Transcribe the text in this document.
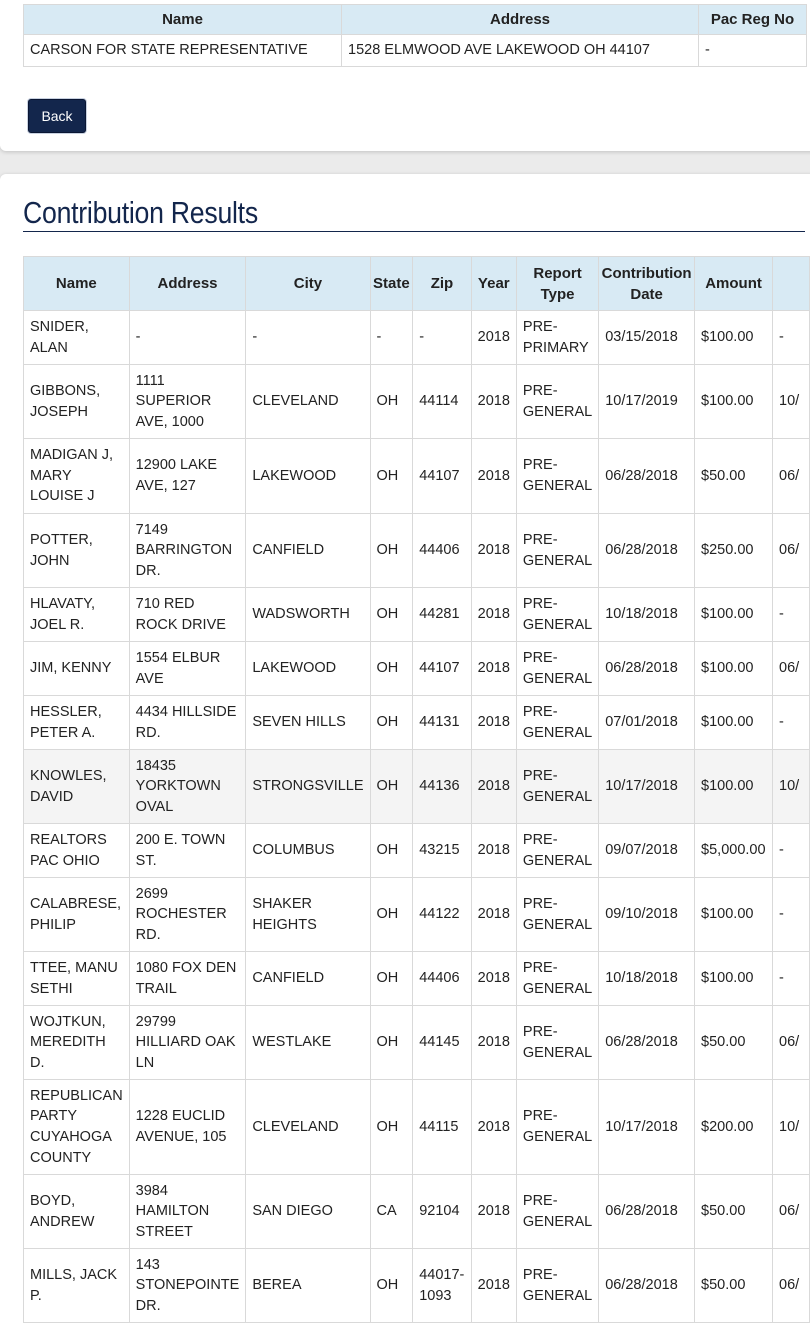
Name	Address	Pac Reg No
CARSON FOR STATE REPRESENTATIVE	1528 ELMWOOD AVE LAKEWOOD OH 44107	-
Back
Contribution Results
Name	Address	City	State	Zip	Year	Report Type	Contribution Date	Amount	
SNIDER, ALAN	-	-	-	-	2018	PRE-PRIMARY	03/15/2018	$100.00	-
GIBBONS, JOSEPH	1111 SUPERIOR AVE, 1000	CLEVELAND	OH	44114	2018	PRE-GENERAL	10/17/2019	$100.00	10/
MADIGAN J, MARY LOUISE J	12900 LAKE AVE, 127	LAKEWOOD	OH	44107	2018	PRE-GENERAL	06/28/2018	$50.00	06/
POTTER, JOHN	7149 BARRINGTON DR.	CANFIELD	OH	44406	2018	PRE-GENERAL	06/28/2018	$250.00	06/
HLAVATY, JOEL R.	710 RED ROCK DRIVE	WADSWORTH	OH	44281	2018	PRE-GENERAL	10/18/2018	$100.00	-
JIM, KENNY	1554 ELBUR AVE	LAKEWOOD	OH	44107	2018	PRE-GENERAL	06/28/2018	$100.00	06/
HESSLER, PETER A.	4434 HILLSIDE RD.	SEVEN HILLS	OH	44131	2018	PRE-GENERAL	07/01/2018	$100.00	-
KNOWLES, DAVID	18435 YORKTOWN OVAL	STRONGSVILLE	OH	44136	2018	PRE-GENERAL	10/17/2018	$100.00	10/
REALTORS PAC OHIO	200 E. TOWN ST.	COLUMBUS	OH	43215	2018	PRE-GENERAL	09/07/2018	$5,000.00	-
CALABRESE, PHILIP	2699 ROCHESTER RD.	SHAKER HEIGHTS	OH	44122	2018	PRE-GENERAL	09/10/2018	$100.00	-
TTEE, MANU SETHI	1080 FOX DEN TRAIL	CANFIELD	OH	44406	2018	PRE-GENERAL	10/18/2018	$100.00	-
WOJTKUN, MEREDITH D.	29799 HILLIARD OAK LN	WESTLAKE	OH	44145	2018	PRE-GENERAL	06/28/2018	$50.00	06/
REPUBLICAN PARTY CUYAHOGA COUNTY	1228 EUCLID AVENUE, 105	CLEVELAND	OH	44115	2018	PRE-GENERAL	10/17/2018	$200.00	10/
BOYD, ANDREW	3984 HAMILTON STREET	SAN DIEGO	CA	92104	2018	PRE-GENERAL	06/28/2018	$50.00	06/
MILLS, JACK P.	143 STONEPOINTE DR.	BEREA	OH	44017-1093	2018	PRE-GENERAL	06/28/2018	$50.00	06/
